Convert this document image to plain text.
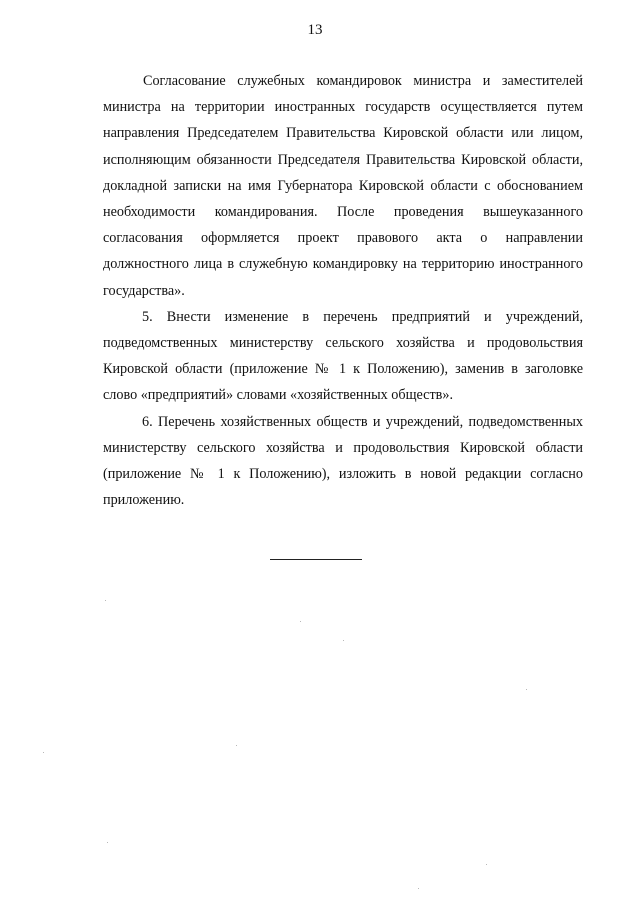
13

Согласование служебных командировок министра и заместителей министра на территории иностранных государств осуществляется путем направления Председателем Правительства Кировской области или лицом, исполняющим обязанности Председателя Правительства Кировской области, докладной записки на имя Губернатора Кировской области с обоснованием необходимости командирования. После проведения вышеуказанного согласования оформляется проект правового акта о направлении должностного лица в служебную командировку на территорию иностранного государства».

5. Внести изменение в перечень предприятий и учреждений, подведомственных министерству сельского хозяйства и продовольствия Кировской области (приложение № 1 к Положению), заменив в заголовке слово «предприятий» словами «хозяйственных обществ».

6. Перечень хозяйственных обществ и учреждений, подведомственных министерству сельского хозяйства и продовольствия Кировской области (приложение № 1 к Положению), изложить в новой редакции согласно приложению.
